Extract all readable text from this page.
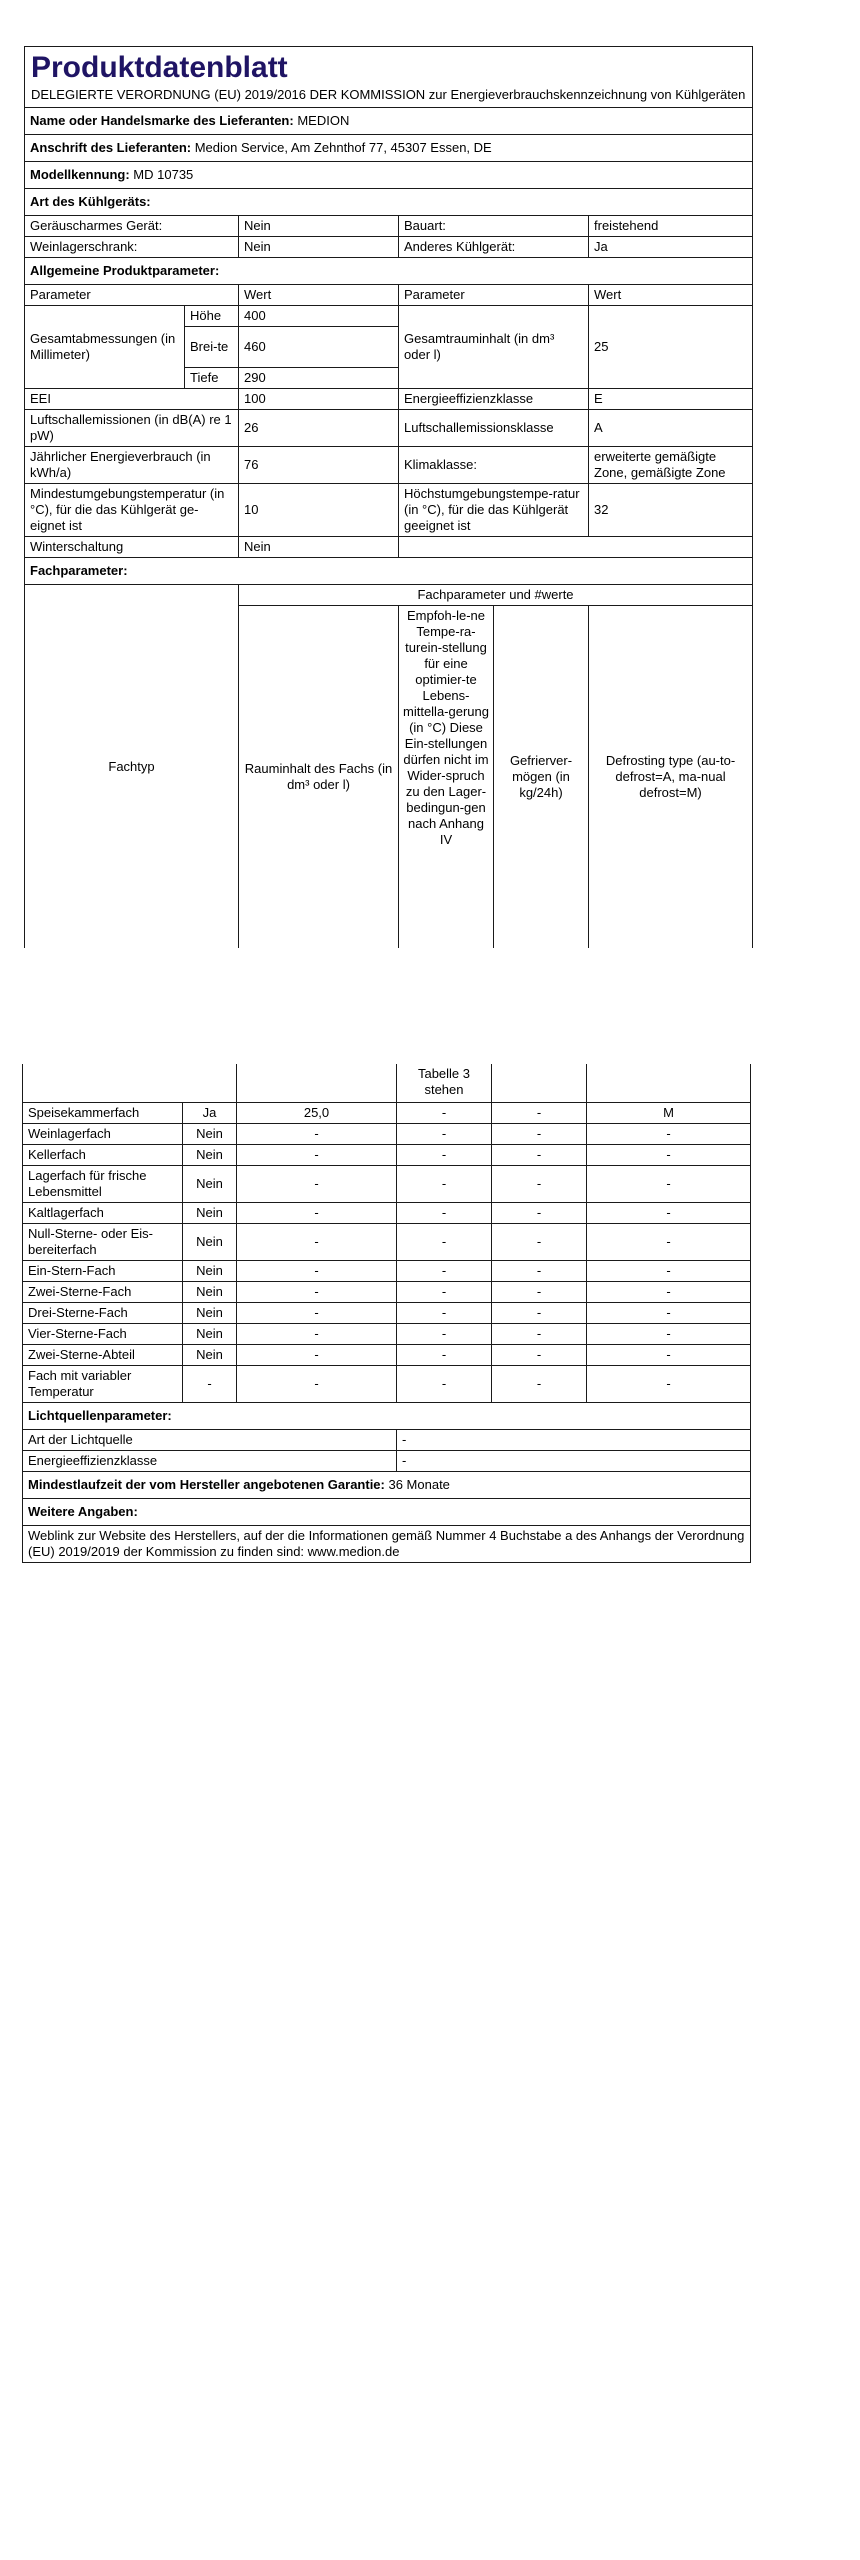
Produktdatenblatt
DELEGIERTE VERORDNUNG (EU) 2019/2016 DER KOMMISSION zur Energieverbrauchskennzeichnung von Kühlgeräten

Name oder Handelsmarke des Lieferanten: MEDION
Anschrift des Lieferanten: Medion Service, Am Zehnthof 77, 45307 Essen, DE
Modellkennung: MD 10735
Art des Kühlgeräts:
Geräuscharmes Gerät:		Nein	Bauart:		freistehend
Weinlagerschrank:		Nein	Anderes Kühlgerät:		Ja
Allgemeine Produktparameter:					
Parameter		Wert	Parameter		Wert
Gesamtabmessungen (in Millimeter)	Höhe	400	Gesamtrauminhalt (in dm³ oder l)		25
	Brei-te	460			
	Tiefe	290			
EEI		100	Energieeffizienzklasse		E
Luftschallemissionen (in dB(A) re 1 pW)		26	Luftschallemissionsklasse		A
Jährlicher Energieverbrauch (in kWh/a)		76	Klimaklasse:		erweiterte gemäßigte Zone, gemäßigte Zone
Mindestumgebungstemperatur (in °C), für die das Kühlgerät ge-eignet ist		10	Höchstumgebungstempe-ratur (in °C), für die das Kühlgerät geeignet ist		32
Winterschaltung		Nein			
Fachparameter:					
Fachtyp		Fachparameter und #werte			
		Rauminhalt des Fachs (in dm³ oder l)	Empfoh-le-ne Tempe-ra-turein-stellung für eine optimier-te Lebens-mittella-gerung (in °C) Diese Ein-stellungen dürfen nicht im Wider-spruch zu den Lager-bedingun-gen nach Anhang IV	Gefrierver-mögen (in kg/24h)	Defrosting type (au-to-defrost=A, ma-nual defrost=M)
			Tabelle 3 stehen		
Speisekammerfach	Ja	25,0	-	-	M
Weinlagerfach	Nein	-	-	-	-
Kellerfach	Nein	-	-	-	-
Lagerfach für frische Lebensmittel	Nein	-	-	-	-
Kaltlagerfach	Nein	-	-	-	-
Null-Sterne- oder Eis-bereiterfach	Nein	-	-	-	-
Ein-Stern-Fach	Nein	-	-	-	-
Zwei-Sterne-Fach	Nein	-	-	-	-
Drei-Sterne-Fach	Nein	-	-	-	-
Vier-Sterne-Fach	Nein	-	-	-	-
Zwei-Sterne-Abteil	Nein	-	-	-	-
Fach mit variabler Temperatur	-	-	-	-	-
Lichtquellenparameter:					
Art der Lichtquelle			-		
Energieeffizienzklasse			-		
Mindestlaufzeit der vom Hersteller angebotenen Garantie: 36 Monate					
Weitere Angaben:					
Weblink zur Website des Herstellers, auf der die Informationen gemäß Nummer 4 Buchstabe a des Anhangs der Verordnung (EU) 2019/2019 der Kommission zu finden sind: www.medion.de					
